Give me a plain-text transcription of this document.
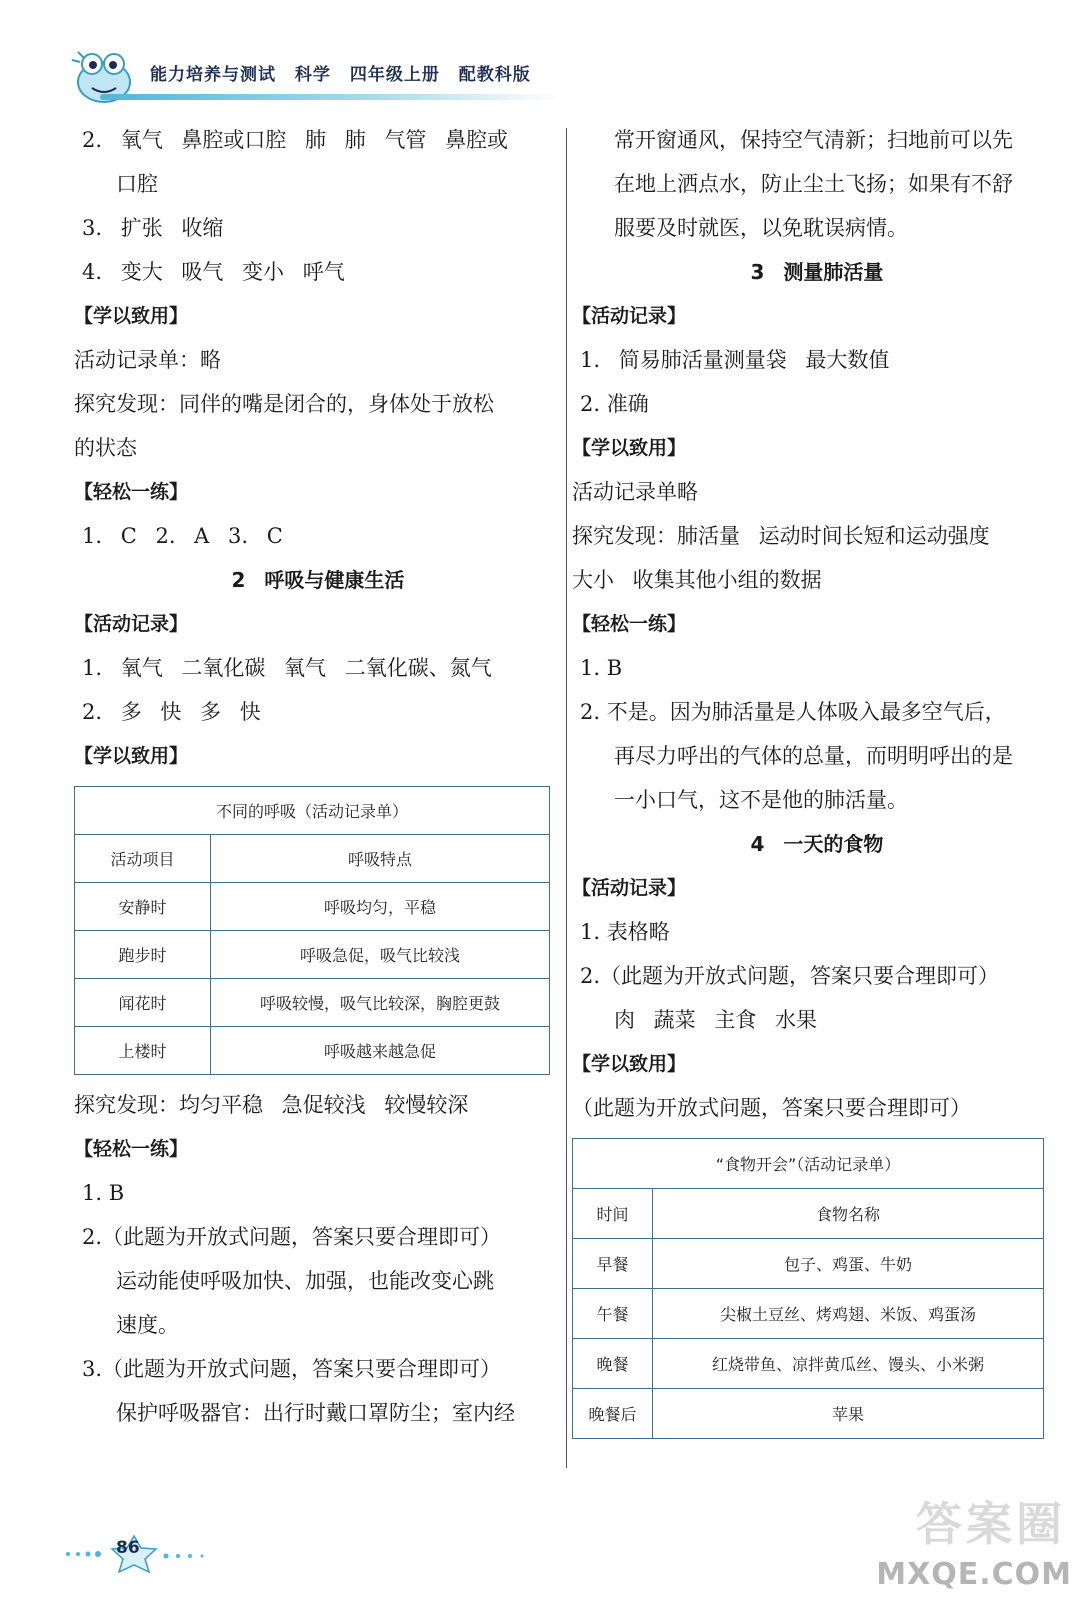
能力培养与测试 科学 四年级上册 配教科版
2. 氧气 鼻腔或口腔 肺 肺 气管 鼻腔或
口腔
3. 扩张 收缩
4. 变大 吸气 变小 呼气
【学以致用】
活动记录单：略
探究发现：同伴的嘴是闭合的，身体处于放松
的状态
【轻松一练】
1. C 2. A 3. C
2 呼吸与健康生活
【活动记录】
1. 氧气 二氧化碳 氧气 二氧化碳、氮气
2. 多 快 多 快
【学以致用】
不同的呼吸（活动记录单）	
活动项目	呼吸特点
安静时	呼吸均匀，平稳
跑步时	呼吸急促，吸气比较浅
闻花时	呼吸较慢，吸气比较深，胸腔更鼓
上楼时	呼吸越来越急促
探究发现：均匀平稳 急促较浅 较慢较深
【轻松一练】
1. B
2.（此题为开放式问题，答案只要合理即可）
运动能使呼吸加快、加强，也能改变心跳
速度。
3.（此题为开放式问题，答案只要合理即可）
保护呼吸器官：出行时戴口罩防尘；室内经
常开窗通风，保持空气清新；扫地前可以先
在地上洒点水，防止尘土飞扬；如果有不舒
服要及时就医，以免耽误病情。
3 测量肺活量
【活动记录】
1. 简易肺活量测量袋 最大数值
2. 准确
【学以致用】
活动记录单略
探究发现：肺活量 运动时间长短和运动强度
大小 收集其他小组的数据
【轻松一练】
1. B
2. 不是。因为肺活量是人体吸入最多空气后，
再尽力呼出的气体的总量，而明明呼出的是
一小口气，这不是他的肺活量。
4 一天的食物
【活动记录】
1. 表格略
2.（此题为开放式问题，答案只要合理即可）
肉 蔬菜 主食 水果
【学以致用】
（此题为开放式问题，答案只要合理即可）
“食物开会”（活动记录单）	
时间	食物名称
早餐	包子、鸡蛋、牛奶
午餐	尖椒土豆丝、烤鸡翅、米饭、鸡蛋汤
晚餐	红烧带鱼、凉拌黄瓜丝、馒头、小米粥
晚餐后	苹果
86	答案圈
MXQE.COM
